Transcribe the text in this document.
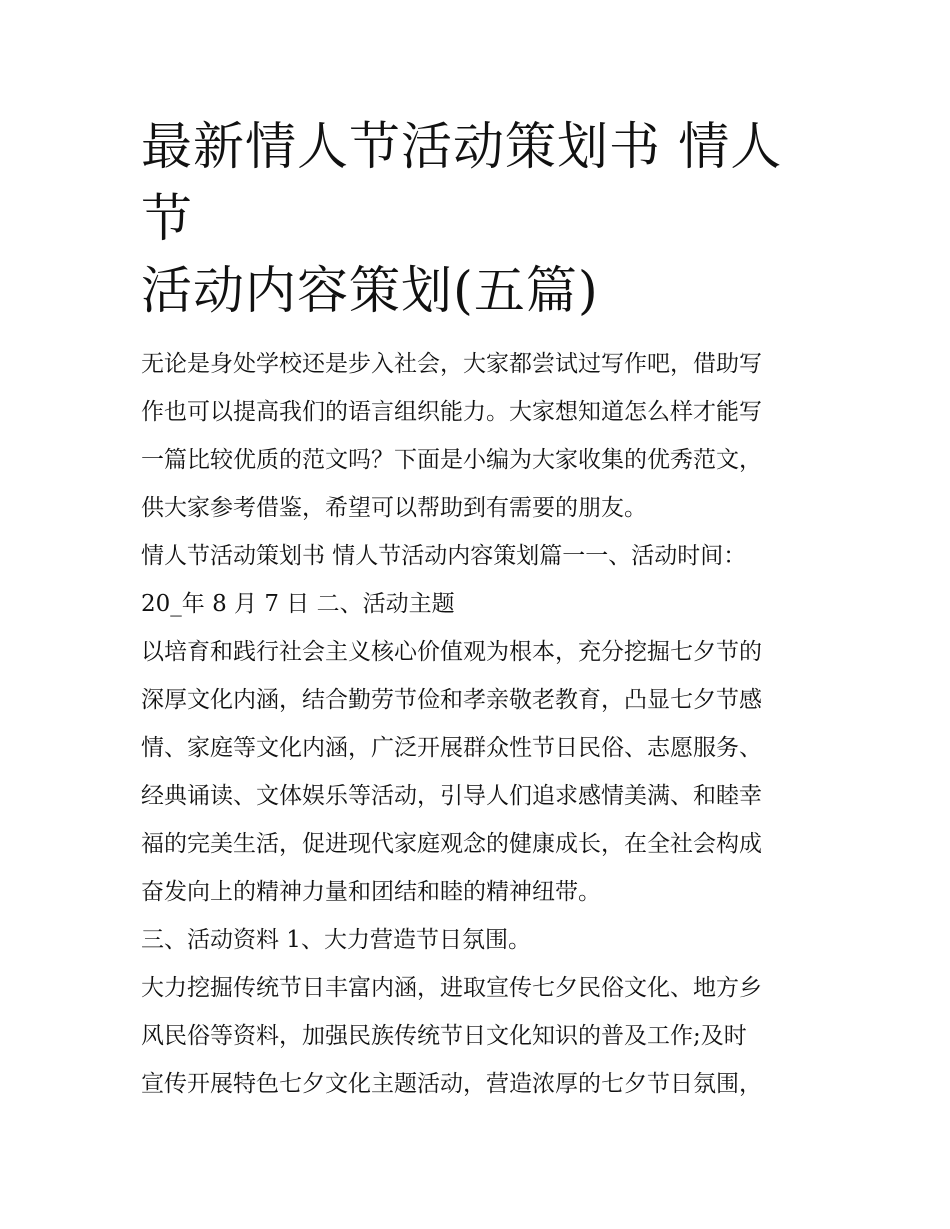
最新情人节活动策划书 情人节
活动内容策划(五篇)

无论是身处学校还是步入社会，大家都尝试过写作吧，借助写
作也可以提高我们的语言组织能力。大家想知道怎么样才能写
一篇比较优质的范文吗？下面是小编为大家收集的优秀范文，
供大家参考借鉴，希望可以帮助到有需要的朋友。

情人节活动策划书 情人节活动内容策划篇一一、活动时间：
20_年 8 月 7 日 二、活动主题

以培育和践行社会主义核心价值观为根本，充分挖掘七夕节的
深厚文化内涵，结合勤劳节俭和孝亲敬老教育，凸显七夕节感
情、家庭等文化内涵，广泛开展群众性节日民俗、志愿服务、
经典诵读、文体娱乐等活动，引导人们追求感情美满、和睦幸
福的完美生活，促进现代家庭观念的健康成长，在全社会构成
奋发向上的精神力量和团结和睦的精神纽带。

三、活动资料 1、大力营造节日氛围。

大力挖掘传统节日丰富内涵，进取宣传七夕民俗文化、地方乡
风民俗等资料，加强民族传统节日文化知识的普及工作;及时
宣传开展特色七夕文化主题活动，营造浓厚的七夕节日氛围，
